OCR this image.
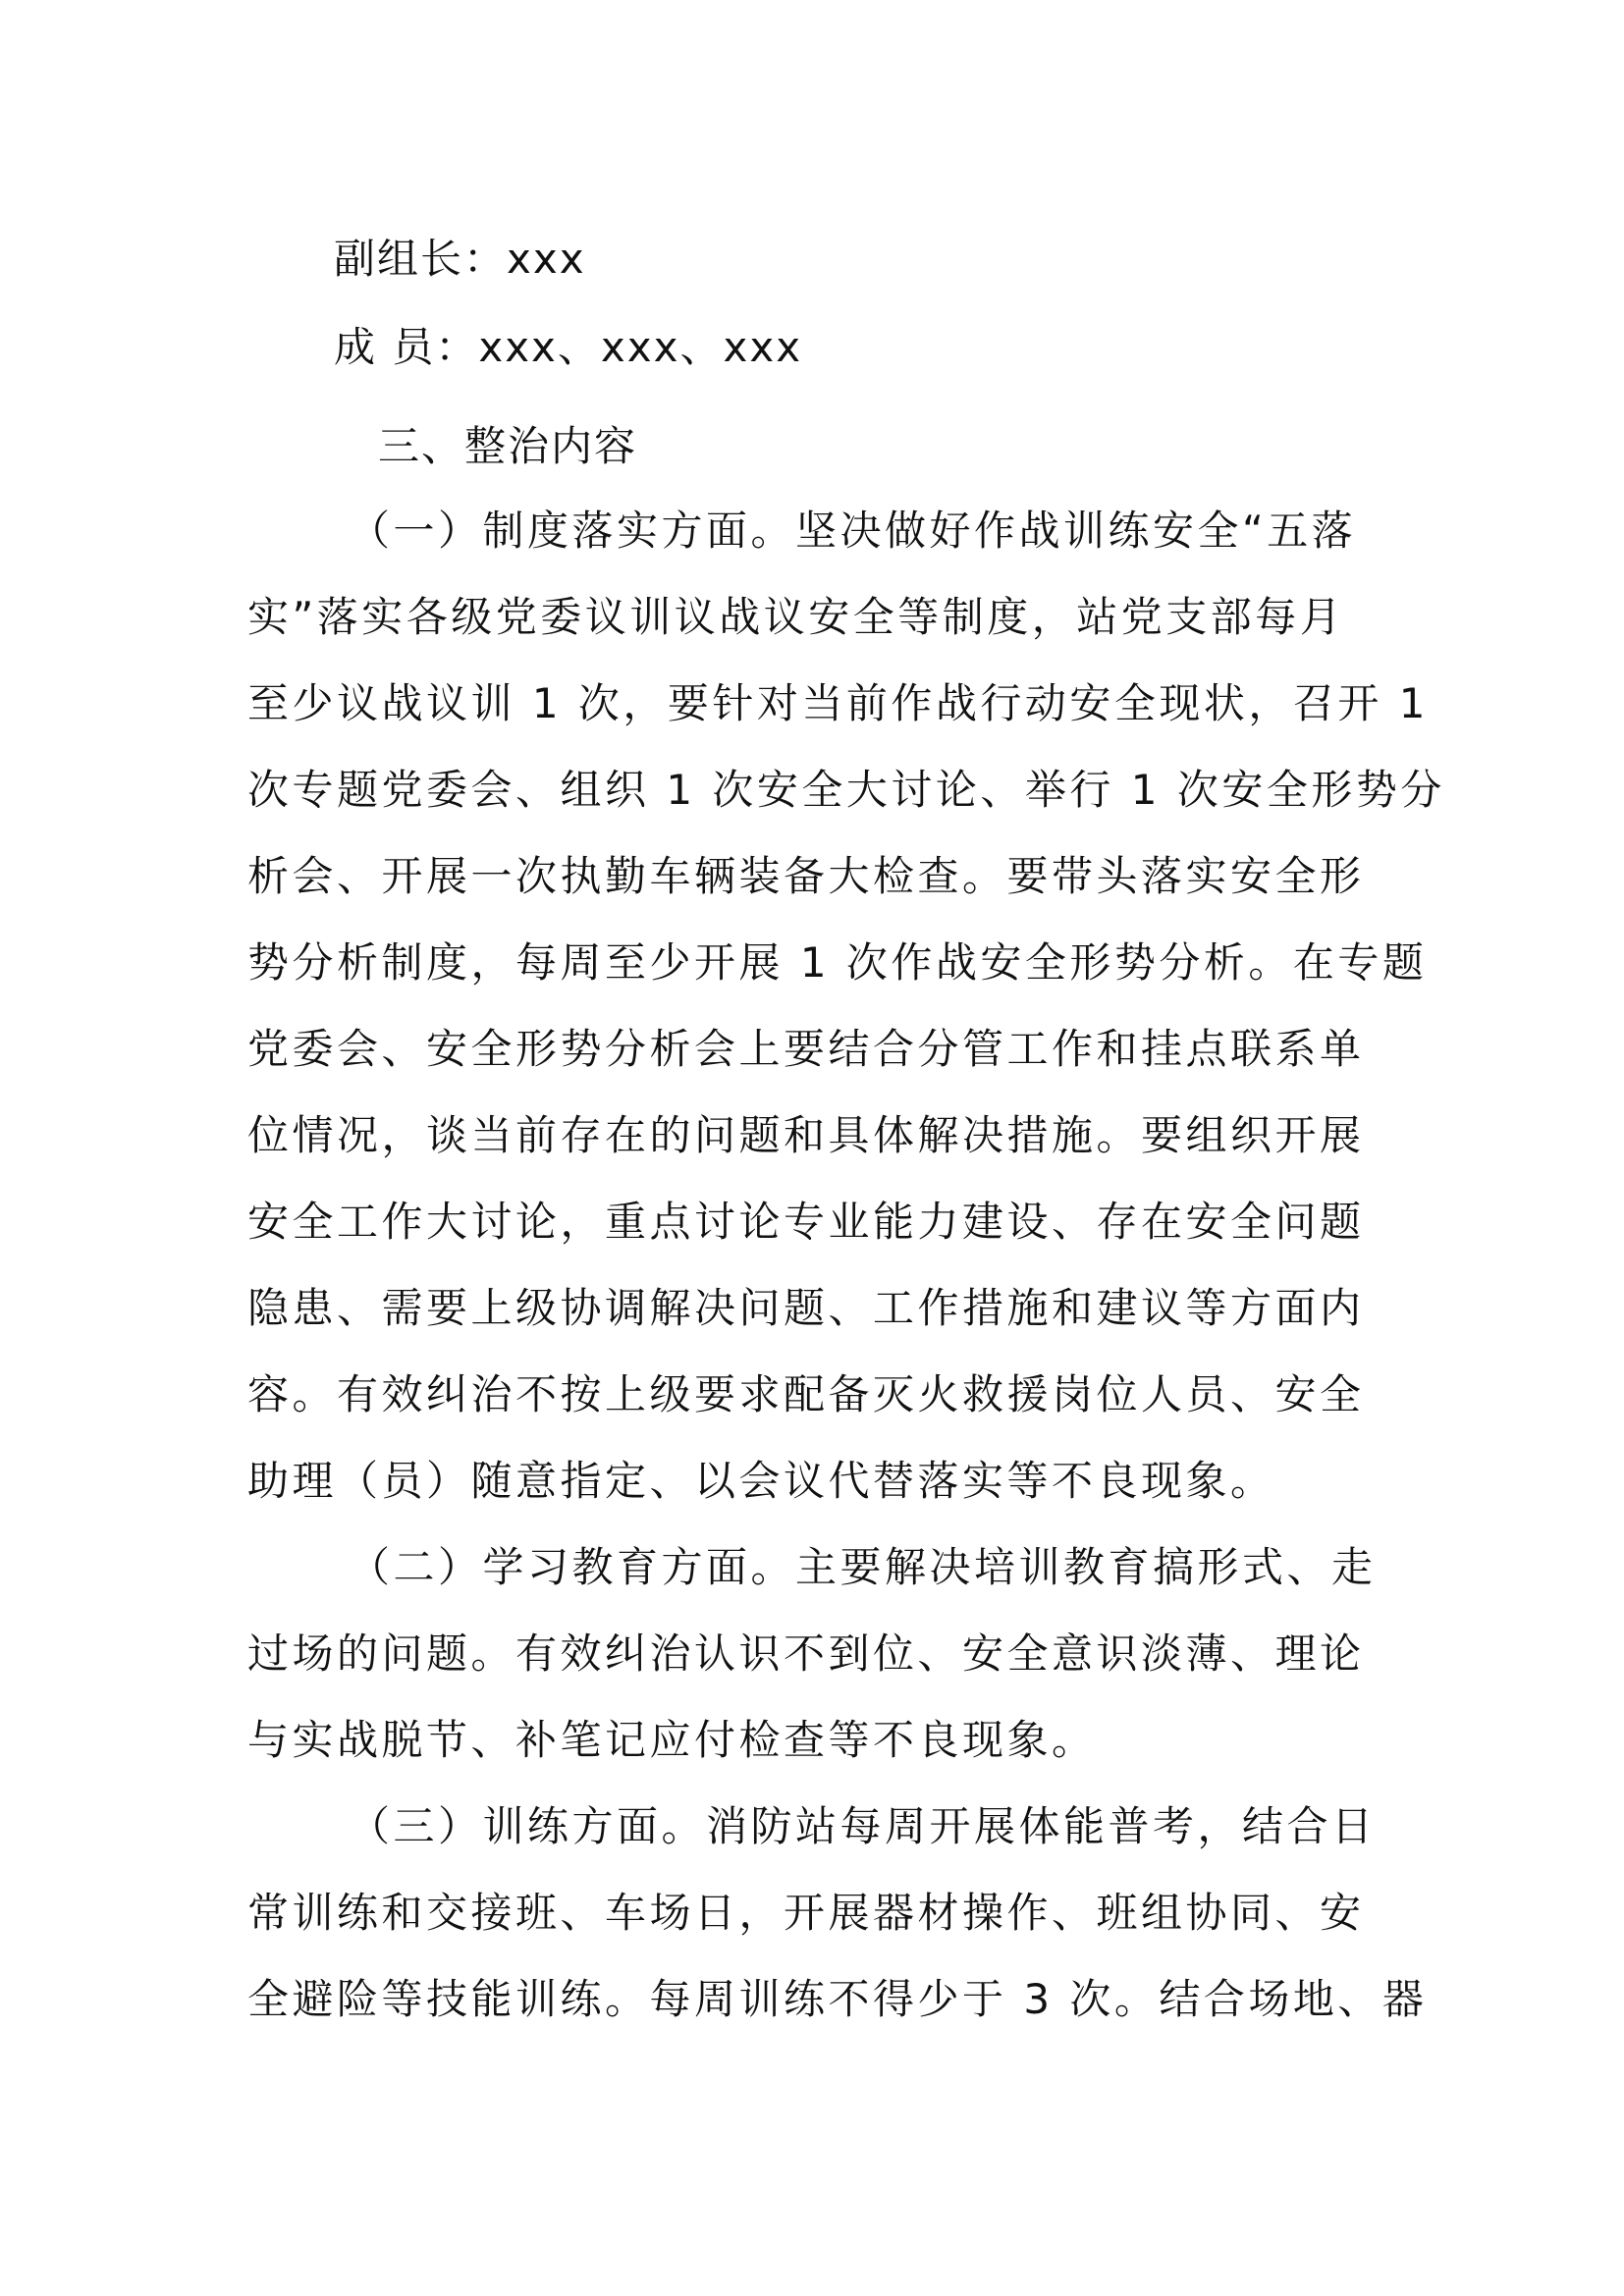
副组长：xxx
成 员：xxx、xxx、xxx
三、整治内容
（一）制度落实方面。坚决做好作战训练安全“五落
实”落实各级党委议训议战议安全等制度，站党支部每月
至少议战议训 1 次，要针对当前作战行动安全现状，召开 1
次专题党委会、组织 1 次安全大讨论、举行 1 次安全形势分
析会、开展一次执勤车辆装备大检查。要带头落实安全形
势分析制度，每周至少开展 1 次作战安全形势分析。在专题
党委会、安全形势分析会上要结合分管工作和挂点联系单
位情况，谈当前存在的问题和具体解决措施。要组织开展
安全工作大讨论，重点讨论专业能力建设、存在安全问题
隐患、需要上级协调解决问题、工作措施和建议等方面内
容。有效纠治不按上级要求配备灭火救援岗位人员、安全
助理（员）随意指定、以会议代替落实等不良现象。
（二）学习教育方面。主要解决培训教育搞形式、走
过场的问题。有效纠治认识不到位、安全意识淡薄、理论
与实战脱节、补笔记应付检查等不良现象。
（三）训练方面。消防站每周开展体能普考，结合日
常训练和交接班、车场日，开展器材操作、班组协同、安
全避险等技能训练。每周训练不得少于 3 次。结合场地、器
